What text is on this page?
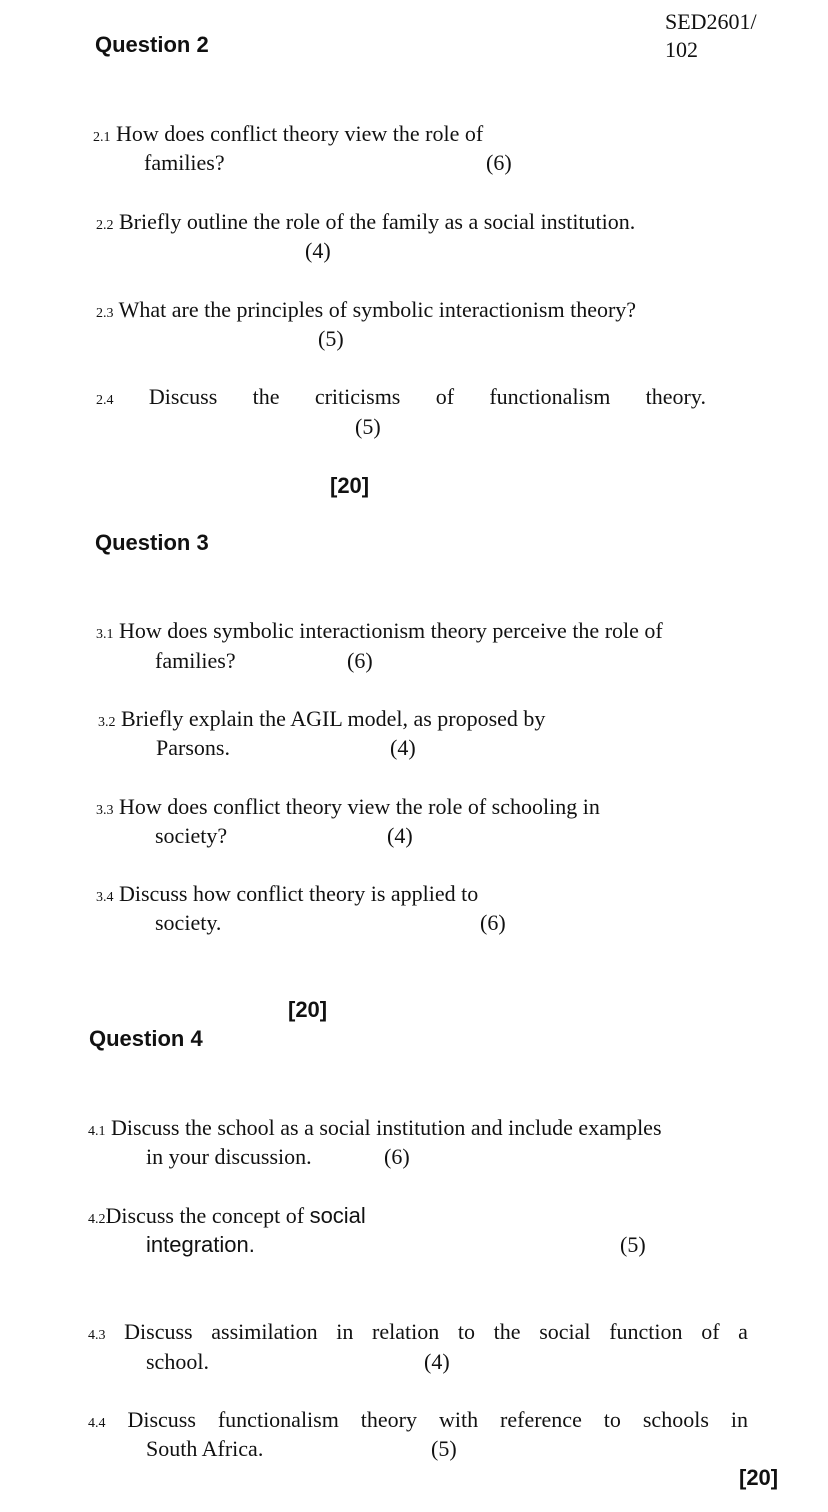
SED2601/
102
Question 2
2.1 How does conflict theory view the role of
families?	(6)
2.2 Briefly outline the role of the family as a social institution.
(4)
2.3 What are the principles of symbolic interactionism theory?
(5)
2.4 Discuss the criticisms of functionalism theory.
(5)
[20]
Question 3
3.1 How does symbolic interactionism theory perceive the role of
families?	(6)
3.2 Briefly explain the AGIL model, as proposed by
Parsons.	(4)
3.3 How does conflict theory view the role of schooling in
society?	(4)
3.4 Discuss how conflict theory is applied to
society.	(6)
[20]
Question 4
4.1 Discuss the school as a social institution and include examples
in your discussion.	(6)
4.2Discuss the concept of social
integration.	(5)
4.3 Discuss assimilation in relation to the social function of a
school.	(4)
4.4 Discuss functionalism theory with reference to schools in
South Africa.	(5)
[20]
